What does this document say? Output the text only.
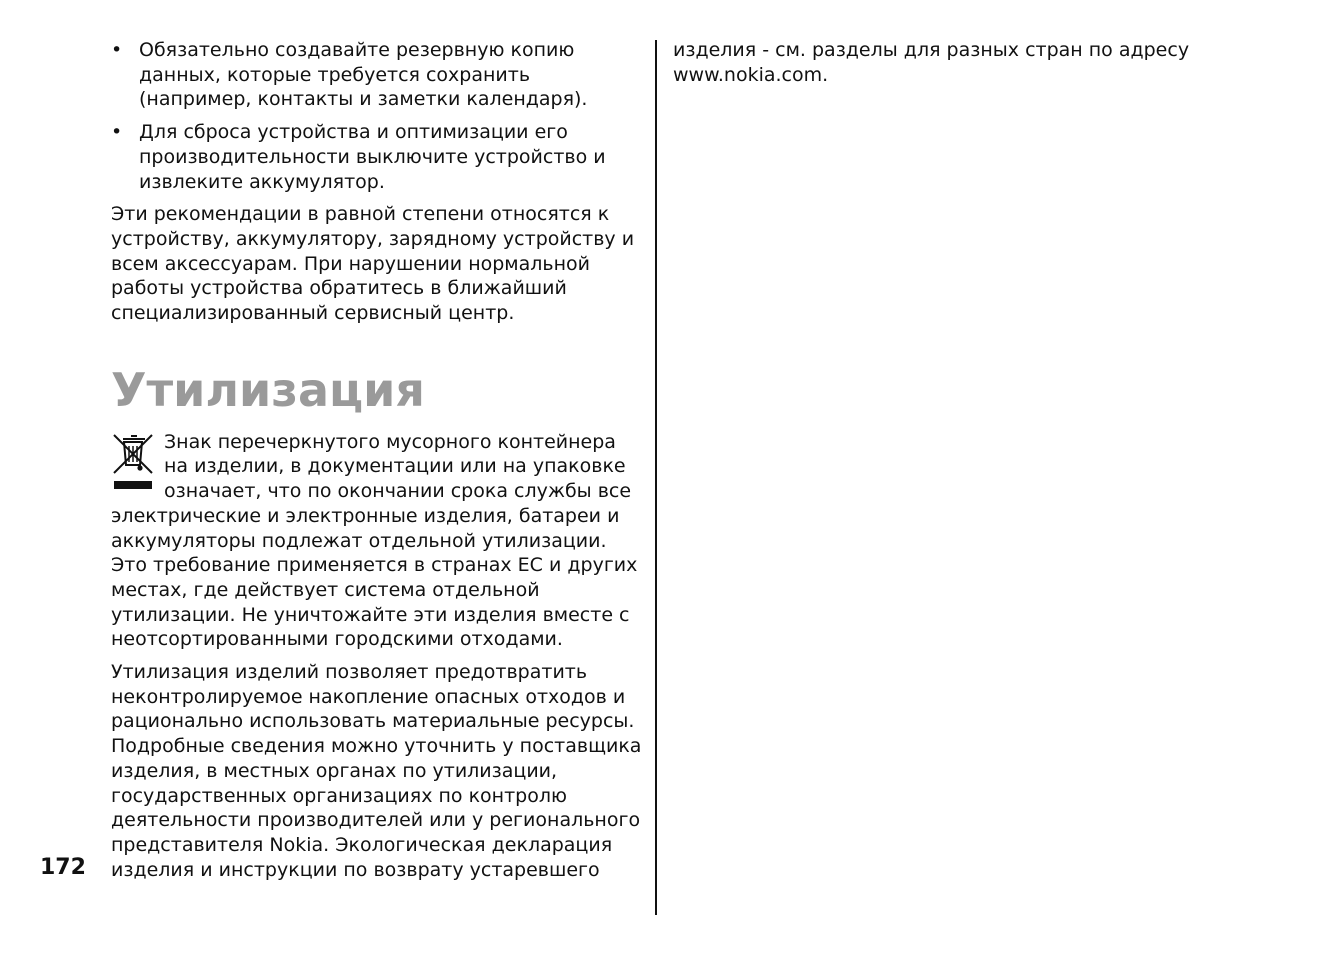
• Обязательно создавайте резервную копию данных, которые требуется сохранить (например, контакты и заметки календаря).
• Для сброса устройства и оптимизации его производительности выключите устройство и извлеките аккумулятор.

Эти рекомендации в равной степени относятся к устройству, аккумулятору, зарядному устройству и всем аксессуарам. При нарушении нормальной работы устройства обратитесь в ближайший специализированный сервисный центр.

Утилизация

Знак перечеркнутого мусорного контейнера на изделии, в документации или на упаковке означает, что по окончании срока службы все электрические и электронные изделия, батареи и аккумуляторы подлежат отдельной утилизации. Это требование применяется в странах ЕС и других местах, где действует система отдельной утилизации. Не уничтожайте эти изделия вместе с неотсортированными городскими отходами.

Утилизация изделий позволяет предотвратить неконтролируемое накопление опасных отходов и рационально использовать материальные ресурсы. Подробные сведения можно уточнить у поставщика изделия, в местных органах по утилизации, государственных организациях по контролю деятельности производителей или у регионального представителя Nokia. Экологическая декларация изделия и инструкции по возврату устаревшего

изделия - см. разделы для разных стран по адресу www.nokia.com.

172
